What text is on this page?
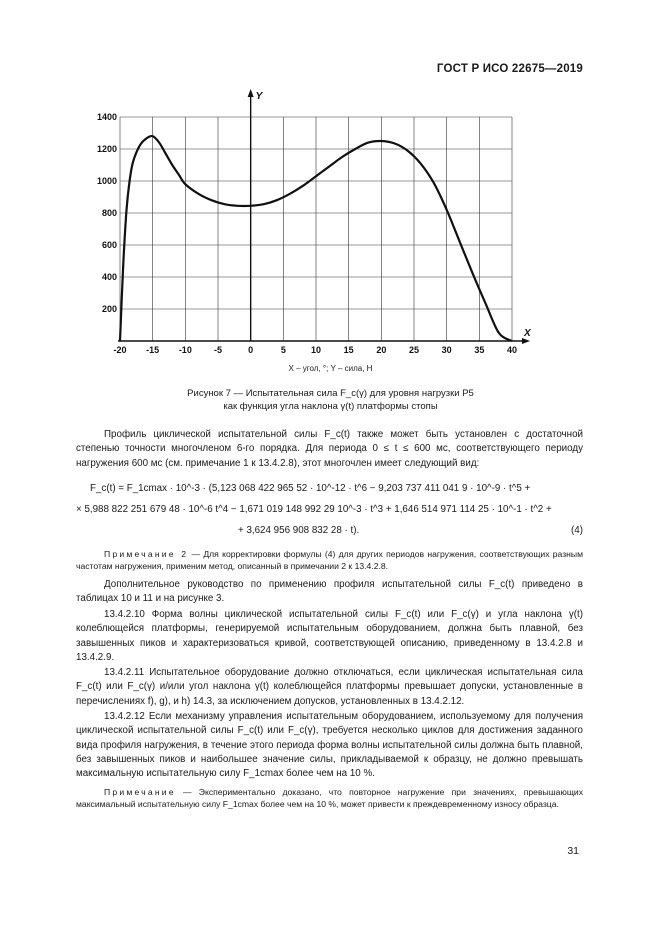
ГОСТ Р ИСО 22675—2019
-20 -15 -10 -5	0	5	10	15	20	25	30	35	40
200
400
600
800
1000
1200
1400
X
Y
X – угол, °; Y – сила, Н
Рисунок 7 — Испытательная сила F_c(γ) для уровня нагрузки P5
как функция угла наклона γ(t) платформы стопы

Профиль циклической испытательной силы F_c(t) также может быть установлен с достаточной степенью точности многочленом 6-го порядка. Для периода 0 ≤ t ≤ 600 мс, соответствующего периоду нагружения 600 мс (см. примечание 1 к 13.4.2.8), этот многочлен имеет следующий вид:

F_c(t) = F_1cmax · 10^-3 · (5,123 068 422 965 52 · 10^-12 · t^6 − 9,203 737 411 041 9 · 10^-9 · t^5 +
× 5,988 822 251 679 48 · 10^-6 t^4 − 1,671 019 148 992 29 10^-3 · t^3 + 1,646 514 971 114 25 · 10^-1 · t^2 +
+ 3,624 956 908 832 28 · t).	(4)

Примечание 2 — Для корректировки формулы (4) для других периодов нагружения, соответствующих разным частотам нагружения, применим метод, описанный в примечании 2 к 13.4.2.8.

Дополнительное руководство по применению профиля испытательной силы F_c(t) приведено в таблицах 10 и 11 и на рисунке 3.

13.4.2.10 Форма волны циклической испытательной силы F_c(t) или F_c(γ) и угла наклона γ(t) колеблющейся платформы, генерируемой испытательным оборудованием, должна быть плавной, без завышенных пиков и характеризоваться кривой, соответствующей описанию, приведенному в 13.4.2.8 и 13.4.2.9.

13.4.2.11 Испытательное оборудование должно отключаться, если циклическая испытательная сила F_c(t) или F_c(γ) и/или угол наклона γ(t) колеблющейся платформы превышает допуски, установленные в перечислениях f), g), и h) 14.3, за исключением допусков, установленных в 13.4.2.12.

13.4.2.12 Если механизму управления испытательным оборудованием, используемому для получения циклической испытательной силы F_c(t) или F_c(γ), требуется несколько циклов для достижения заданного вида профиля нагружения, в течение этого периода форма волны испытательной силы должна быть плавной, без завышенных пиков и наибольшее значение силы, прикладываемой к образцу, не должно превышать максимальную испытательную силу F_1cmax более чем на 10 %.

Примечание — Экспериментально доказано, что повторное нагружение при значениях, превышающих максимальный испытательную силу F_1cmax более чем на 10 %, может привести к преждевременному износу образца.

31
